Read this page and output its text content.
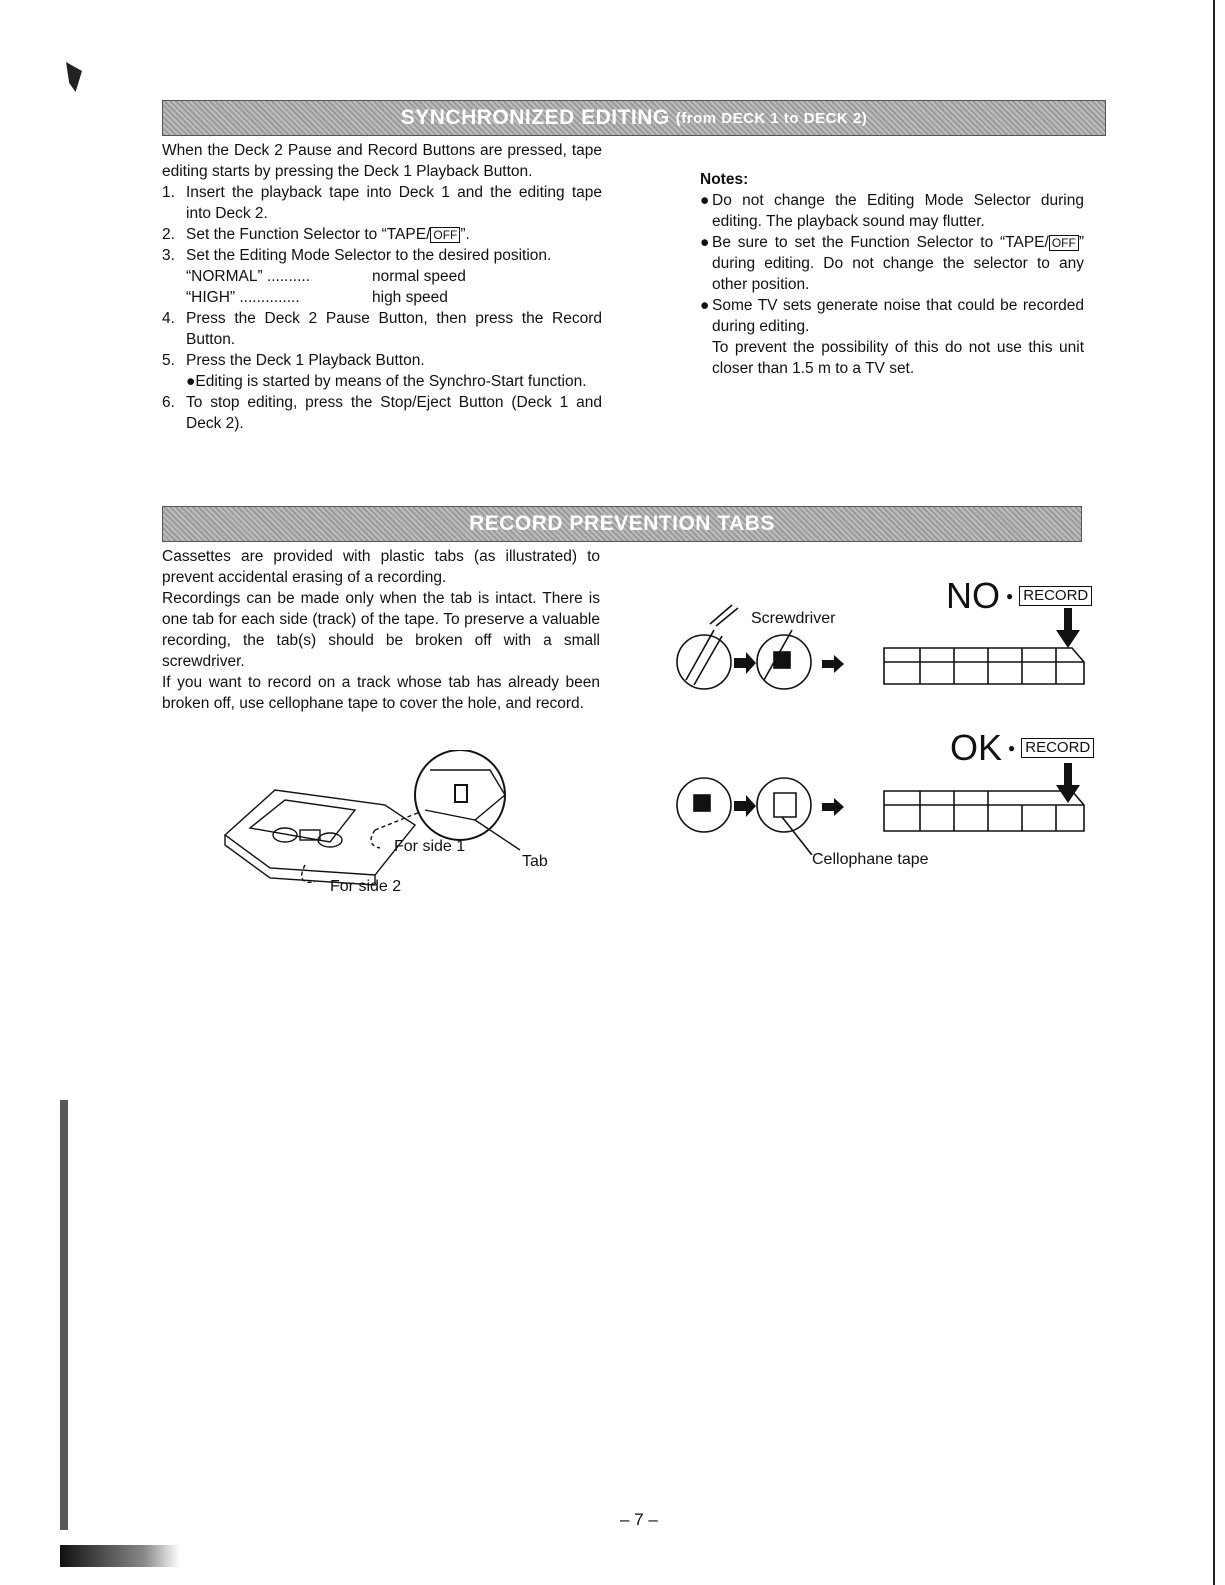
SYNCHRONIZED EDITING (from DECK 1 to DECK 2)

When the Deck 2 Pause and Record Buttons are pressed, tape editing starts by pressing the Deck 1 Playback Button.

1. Insert the playback tape into Deck 1 and the editing tape into Deck 2.
2. Set the Function Selector to “TAPE/ OFF ”.
3. Set the Editing Mode Selector to the desired position.
“NORMAL” ..........	normal speed
“HIGH” ..............	high speed
4. Press the Deck 2 Pause Button, then press the Record Button.
5. Press the Deck 1 Playback Button.

●Editing is started by means of the Synchro-Start function.

6. To stop editing, press the Stop/Eject Button (Deck 1 and Deck 2).

Notes:

● Do not change the Editing Mode Selector during editing. The playback sound may flutter.
● Be sure to set the Function Selector to “TAPE/ OFF ” during editing. Do not change the selector to any other position.
● Some TV sets generate noise that could be recorded during editing.

To prevent the possibility of this do not use this unit closer than 1.5 m to a TV set.

RECORD PREVENTION TABS

Cassettes are provided with plastic tabs (as illustrated) to prevent accidental erasing of a recording.

Recordings can be made only when the tab is intact. There is one tab for each side (track) of the tape. To preserve a valuable recording, the tab(s) should be broken off with a small screwdriver.

If you want to record on a track whose tab has already been broken off, use cellophane tape to cover the hole, and record.

For side 1
For side 2
Tab
NO ● RECORD
Screwdriver
OK ● RECORD
Cellophane tape
– 7 –
